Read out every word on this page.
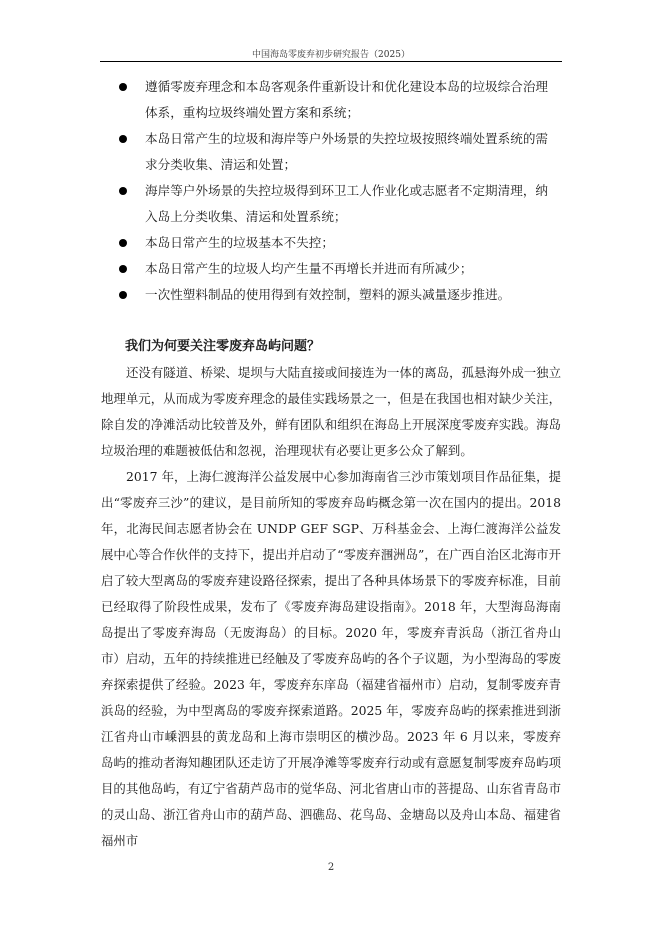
中国海岛零废弃初步研究报告（2025）
遵循零废弃理念和本岛客观条件重新设计和优化建设本岛的垃圾综合治理体系，重构垃圾终端处置方案和系统；
本岛日常产生的垃圾和海岸等户外场景的失控垃圾按照终端处置系统的需求分类收集、清运和处置；
海岸等户外场景的失控垃圾得到环卫工人作业化或志愿者不定期清理，纳入岛上分类收集、清运和处置系统；
本岛日常产生的垃圾基本不失控；
本岛日常产生的垃圾人均产生量不再增长并进而有所减少；
一次性塑料制品的使用得到有效控制，塑料的源头减量逐步推进。
我们为何要关注零废弃岛屿问题？

还没有隧道、桥梁、堤坝与大陆直接或间接连为一体的离岛，孤悬海外成一独立地理单元，从而成为零废弃理念的最佳实践场景之一，但是在我国也相对缺少关注，除自发的净滩活动比较普及外，鲜有团队和组织在海岛上开展深度零废弃实践。海岛垃圾治理的难题被低估和忽视，治理现状有必要让更多公众了解到。

2017 年，上海仁渡海洋公益发展中心参加海南省三沙市策划项目作品征集，提出“零废弃三沙”的建议，是目前所知的零废弃岛屿概念第一次在国内的提出。2018 年，北海民间志愿者协会在 UNDP GEF SGP、万科基金会、上海仁渡海洋公益发展中心等合作伙伴的支持下，提出并启动了“零废弃涠洲岛”，在广西自治区北海市开启了较大型离岛的零废弃建设路径探索，提出了各种具体场景下的零废弃标准，目前已经取得了阶段性成果，发布了《零废弃海岛建设指南》。2018 年，大型海岛海南岛提出了零废弃海岛（无废海岛）的目标。2020 年，零废弃青浜岛（浙江省舟山市）启动，五年的持续推进已经触及了零废弃岛屿的各个子议题，为小型海岛的零废弃探索提供了经验。2023 年，零废弃东庠岛（福建省福州市）启动，复制零废弃青浜岛的经验，为中型离岛的零废弃探索道路。2025 年，零废弃岛屿的探索推进到浙江省舟山市嵊泗县的黄龙岛和上海市崇明区的横沙岛。2023 年 6 月以来，零废弃岛屿的推动者海知趣团队还走访了开展净滩等零废弃行动或有意愿复制零废弃岛屿项目的其他岛屿，有辽宁省葫芦岛市的觉华岛、河北省唐山市的菩提岛、山东省青岛市的灵山岛、浙江省舟山市的葫芦岛、泗礁岛、花鸟岛、金塘岛以及舟山本岛、福建省福州市

2
